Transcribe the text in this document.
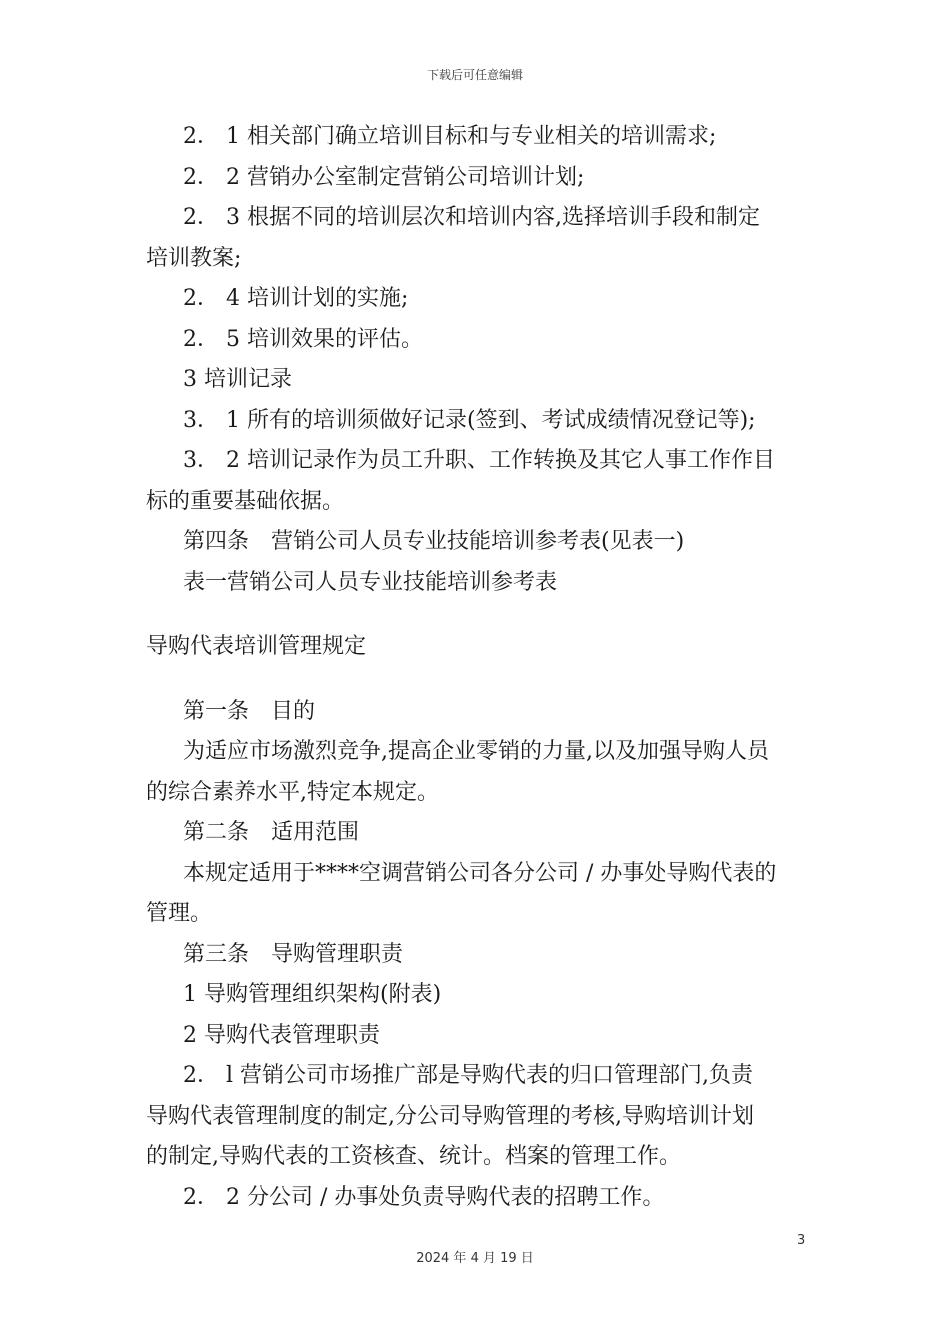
下载后可任意编辑
2． 1 相关部门确立培训目标和与专业相关的培训需求;
2． 2 营销办公室制定营销公司培训计划;
2． 3 根据不同的培训层次和培训内容,选择培训手段和制定
培训教案;
2． 4 培训计划的实施;
2． 5 培训效果的评估。
3 培训记录
3． 1 所有的培训须做好记录(签到、考试成绩情况登记等);
3． 2 培训记录作为员工升职、工作转换及其它人事工作作目
标的重要基础依据。
第四条　营销公司人员专业技能培训参考表(见表一)
表一营销公司人员专业技能培训参考表
导购代表培训管理规定
第一条　目的
为适应市场激烈竞争,提高企业零销的力量,以及加强导购人员
的综合素养水平,特定本规定。
第二条　适用范围
本规定适用于****空调营销公司各分公司 / 办事处导购代表的
管理。
第三条　导购管理职责
1 导购管理组织架构(附表)
2 导购代表管理职责
2． l 营销公司市场推广部是导购代表的归口管理部门,负责
导购代表管理制度的制定,分公司导购管理的考核,导购培训计划
的制定,导购代表的工资核查、统计。档案的管理工作。
2． 2 分公司 / 办事处负责导购代表的招聘工作。
3
2024 年 4 月 19 日
